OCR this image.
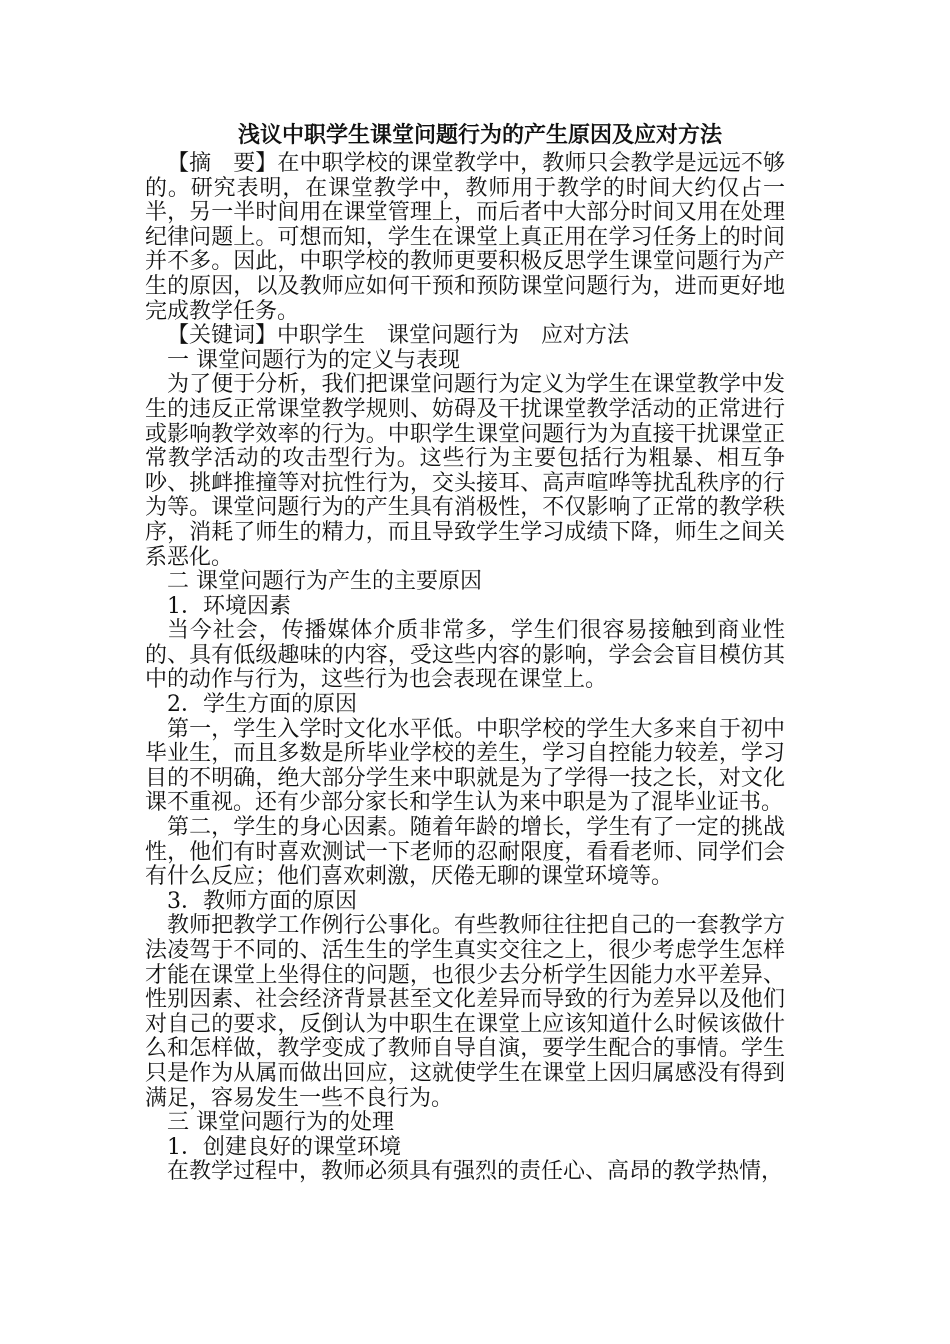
浅议中职学生课堂问题行为的产生原因及应对方法

【摘　要】在中职学校的课堂教学中，教师只会教学是远远不够的。研究表明，在课堂教学中，教师用于教学的时间大约仅占一半，另一半时间用在课堂管理上，而后者中大部分时间又用在处理纪律问题上。可想而知，学生在课堂上真正用在学习任务上的时间并不多。因此，中职学校的教师更要积极反思学生课堂问题行为产生的原因，以及教师应如何干预和预防课堂问题行为，进而更好地完成教学任务。

【关键词】中职学生　课堂问题行为　应对方法

一 课堂问题行为的定义与表现

为了便于分析，我们把课堂问题行为定义为学生在课堂教学中发生的违反正常课堂教学规则、妨碍及干扰课堂教学活动的正常进行或影响教学效率的行为。中职学生课堂问题行为为直接干扰课堂正常教学活动的攻击型行为。这些行为主要包括行为粗暴、相互争吵、挑衅推撞等对抗性行为，交头接耳、高声喧哗等扰乱秩序的行为等。课堂问题行为的产生具有消极性，不仅影响了正常的教学秩序，消耗了师生的精力，而且导致学生学习成绩下降，师生之间关系恶化。

二 课堂问题行为产生的主要原因

1．环境因素

当今社会，传播媒体介质非常多，学生们很容易接触到商业性的、具有低级趣味的内容，受这些内容的影响，学会会盲目模仿其中的动作与行为，这些行为也会表现在课堂上。

2．学生方面的原因

第一，学生入学时文化水平低。中职学校的学生大多来自于初中毕业生，而且多数是所毕业学校的差生，学习自控能力较差，学习目的不明确，绝大部分学生来中职就是为了学得一技之长，对文化课不重视。还有少部分家长和学生认为来中职是为了混毕业证书。

第二，学生的身心因素。随着年龄的增长，学生有了一定的挑战性，他们有时喜欢测试一下老师的忍耐限度，看看老师、同学们会有什么反应；他们喜欢刺激，厌倦无聊的课堂环境等。

3．教师方面的原因

教师把教学工作例行公事化。有些教师往往把自己的一套教学方法凌驾于不同的、活生生的学生真实交往之上，很少考虑学生怎样才能在课堂上坐得住的问题，也很少去分析学生因能力水平差异、性别因素、社会经济背景甚至文化差异而导致的行为差异以及他们对自己的要求，反倒认为中职生在课堂上应该知道什么时候该做什么和怎样做，教学变成了教师自导自演，要学生配合的事情。学生只是作为从属而做出回应，这就使学生在课堂上因归属感没有得到满足，容易发生一些不良行为。

三 课堂问题行为的处理

1．创建良好的课堂环境

在教学过程中，教师必须具有强烈的责任心、高昂的教学热情，
